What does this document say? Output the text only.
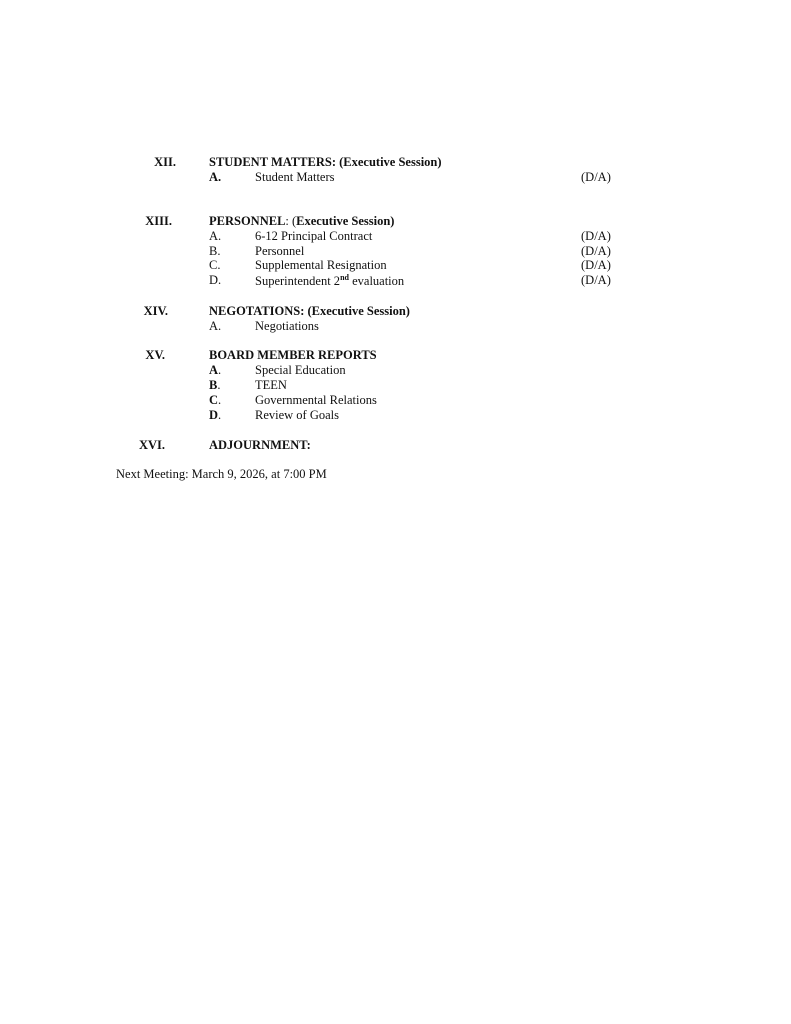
XII.	STUDENT MATTERS: (Executive Session)
A.	Student Matters	(D/A)
XIII.	PERSONNEL: (Executive Session)
A.	6-12 Principal Contract	(D/A)
B.	Personnel	(D/A)
C.	Supplemental Resignation	(D/A)
D.	Superintendent 2nd evaluation	(D/A)
XIV.	NEGOTATIONS: (Executive Session)
A.	Negotiations
XV.	BOARD MEMBER REPORTS
A.	Special Education
B.	TEEN
C.	Governmental Relations
D.	Review of Goals
XVI.	ADJOURNMENT:
Next Meeting: March 9, 2026, at 7:00 PM
